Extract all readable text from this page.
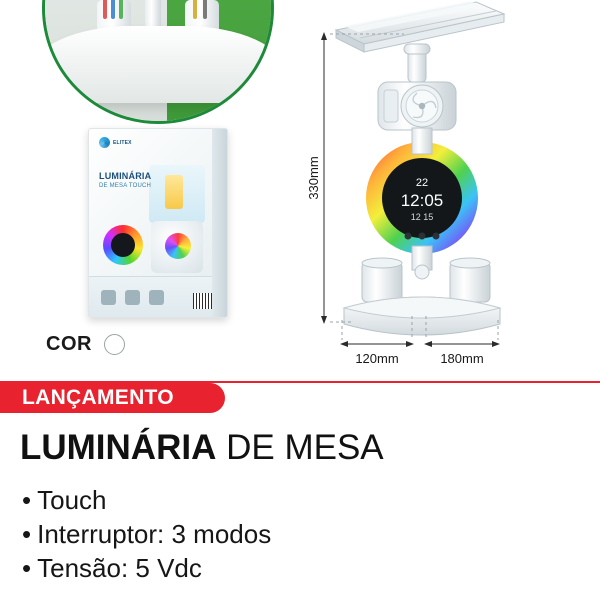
ELITEX
LUMINÁRIA
DE MESA TOUCH
COR
22
12:05
12 15
330mm
120mm	180mm
LANÇAMENTO
LUMINÁRIA DE MESA
• Touch
• Interruptor: 3 modos
• Tensão: 5 Vdc
